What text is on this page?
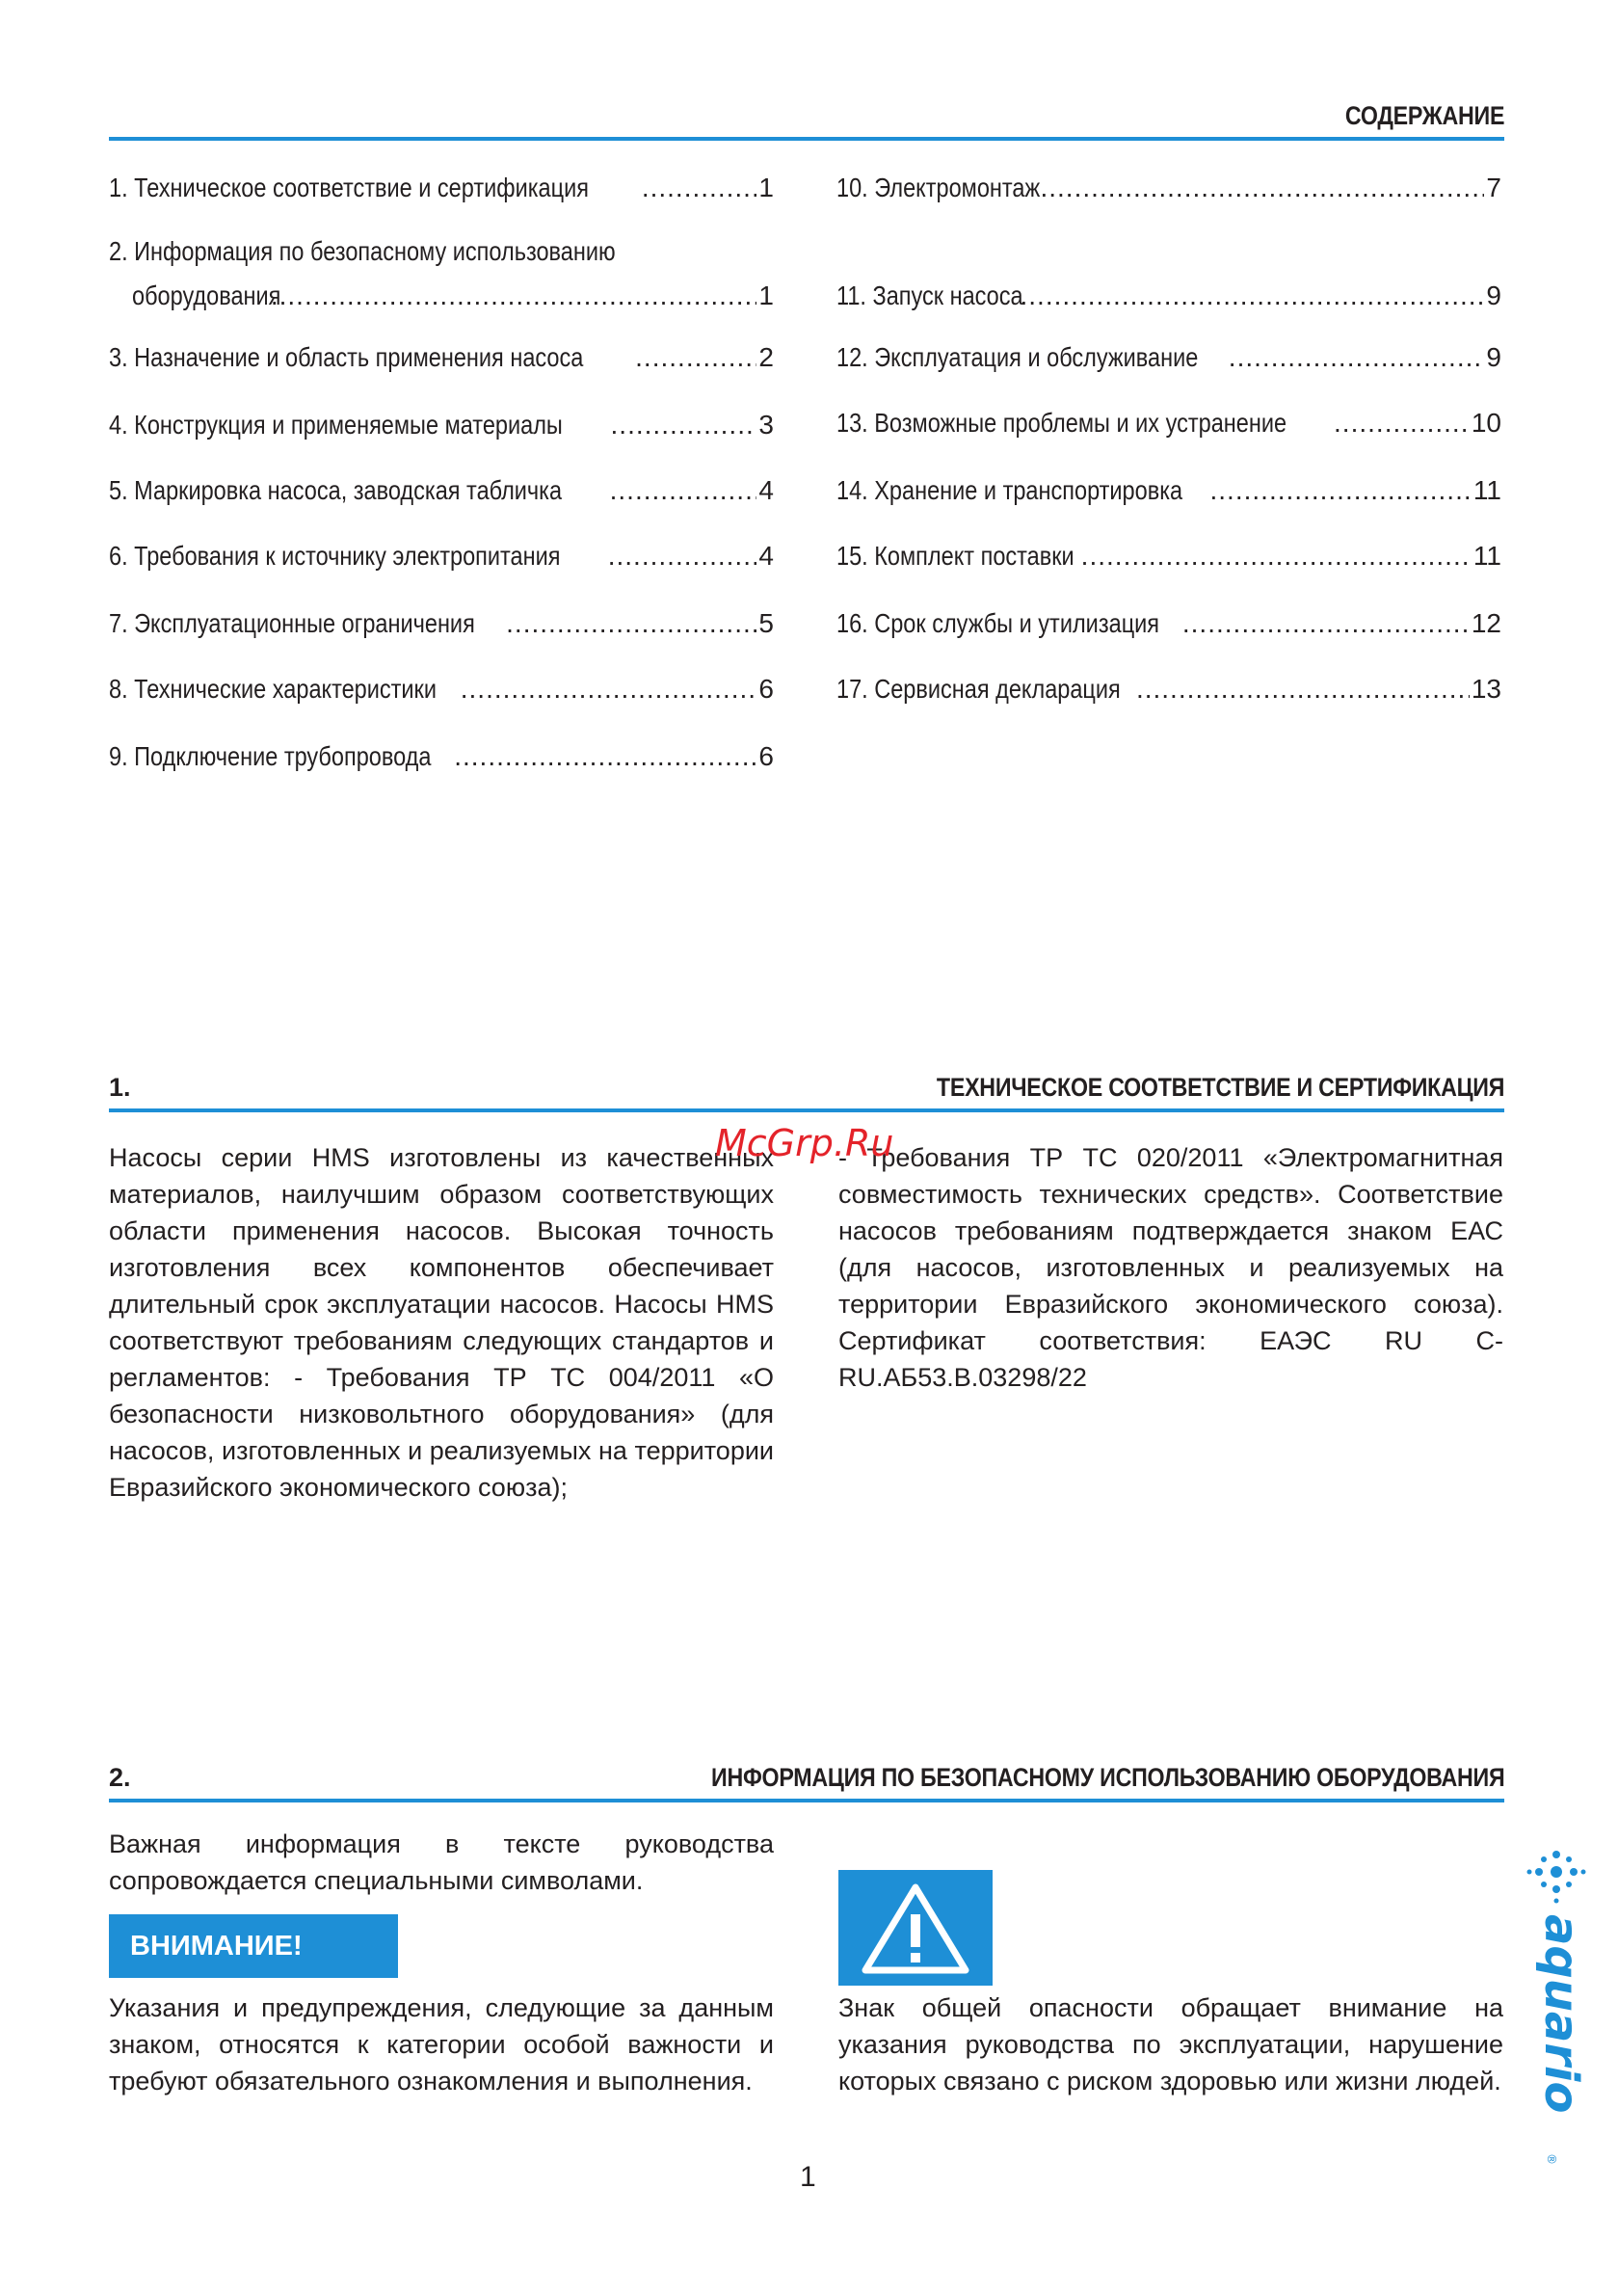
СОДЕРЖАНИЕ
1. Техническое соответствие и сертификация .....	1
2. Информация по безопасному использованию
оборудования .....	1
3. Назначение и область применения насоса .....	2
4. Конструкция и применяемые материалы .....	3
5. Маркировка насоса, заводская табличка .....	4
6. Требования к источнику электропитания .....	4
7. Эксплуатационные ограничения .....	5
8. Технические характеристики .....	6
9. Подключение трубопровода .....	6
10. Электромонтаж .....	7
11. Запуск насоса .....	9
12. Эксплуатация и обслуживание .....	9
13. Возможные проблемы и их устранение .....	10
14. Хранение и транспортировка .....	11
15. Комплект поставки .....	11
16. Срок службы и утилизация .....	12
17. Сервисная декларация .....	13
1.	ТЕХНИЧЕСКОЕ СООТВЕТСТВИЕ И СЕРТИФИКАЦИЯ
Насосы серии HMS изготовлены из качественных материалов, наилучшим образом соответствующих области применения насосов. Высокая точность изготовления всех компонентов обеспечивает длительный срок эксплуатации насосов. Насосы HMS соответствуют требованиям следующих стандартов и регламентов: - Требования ТР ТС 004/2011 «О безопасности низковольтного оборудования» (для насосов, изготовленных и реализуемых на территории Евразийского экономического союза);
- Требования ТР ТС 020/2011 «Электромагнитная совместимость технических средств». Соответствие насосов требованиям подтверждается знаком ЕАС (для насосов, изготовленных и реализуемых на территории Евразийского экономического союза). Сертификат соответствия: ЕАЭС RU C-RU.АБ53.В.03298/22
McGrp.Ru
2.	ИНФОРМАЦИЯ ПО БЕЗОПАСНОМУ ИСПОЛЬЗОВАНИЮ ОБОРУДОВАНИЯ
Важная информация в тексте руководства сопровождается специальными символами.
ВНИМАНИЕ!
Указания и предупреждения, следующие за данным знаком, относятся к категории особой важности и требуют обязательного ознакомления и выполнения.
Знак общей опасности обращает внимание на указания руководства по эксплуатации, нарушение которых связано с риском здоровью или жизни людей. aquario
®
1
